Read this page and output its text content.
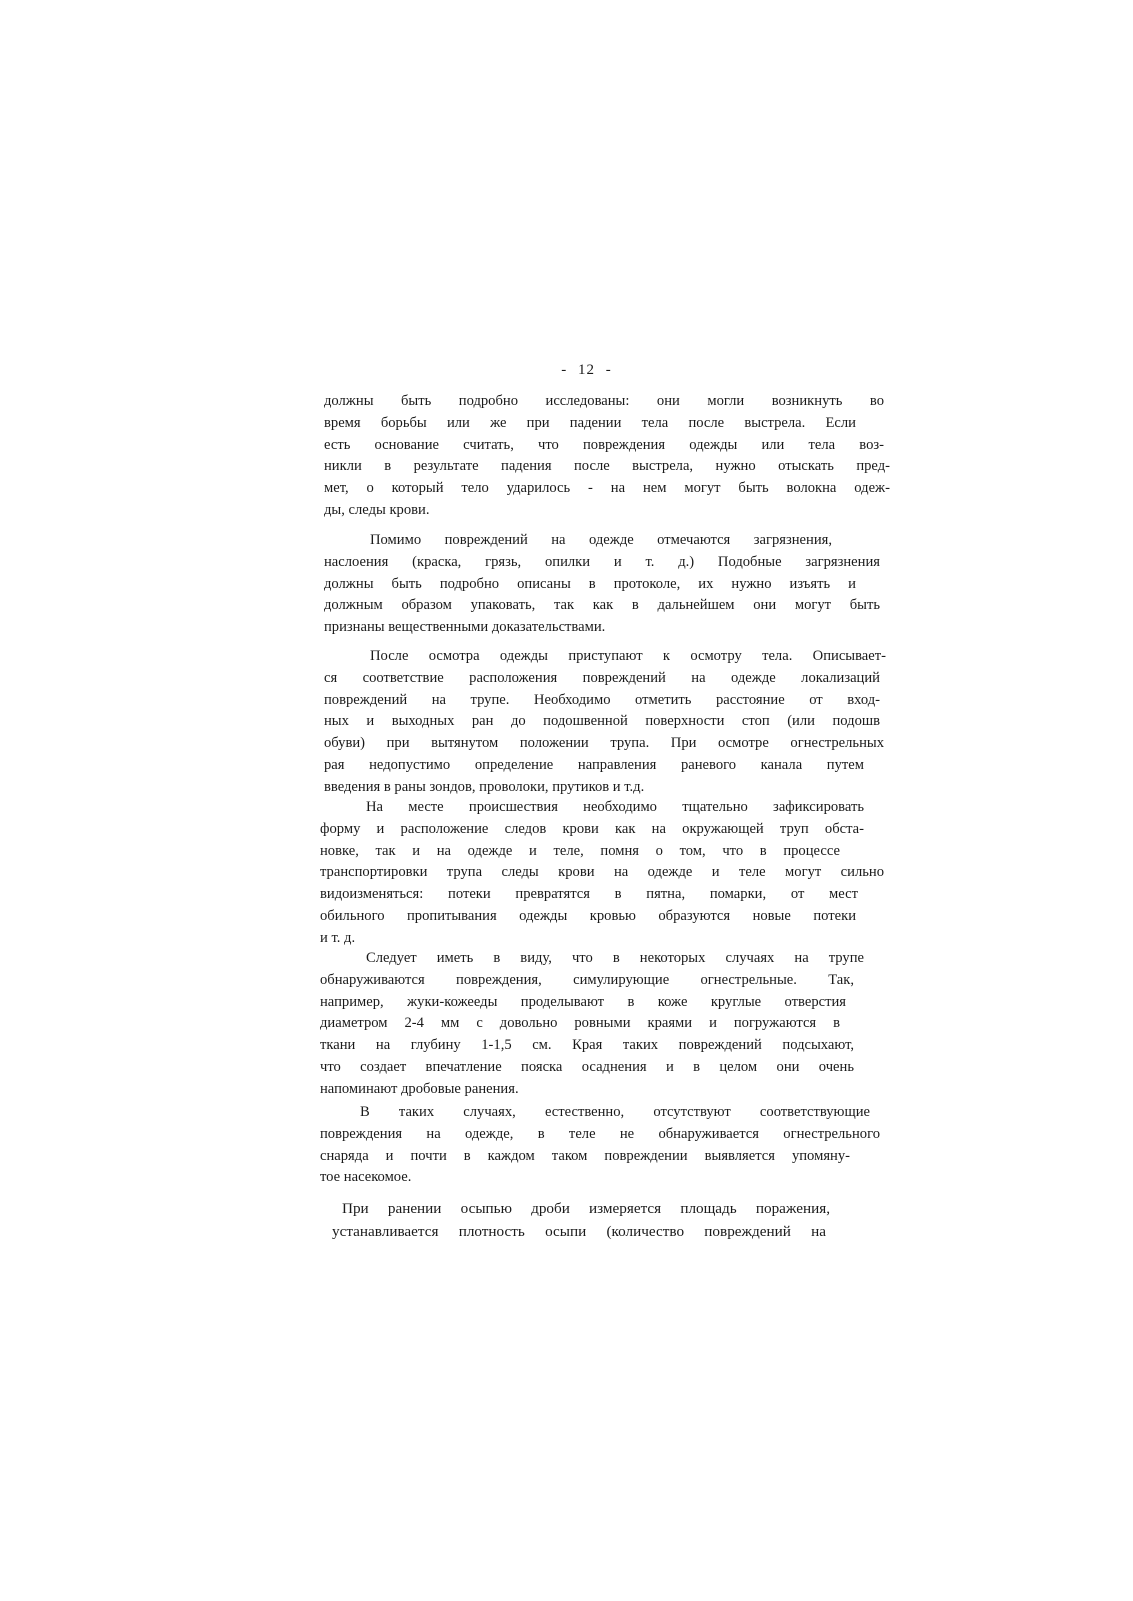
- 12 -
должны быть подробно исследованы: они могли возникнуть во
время борьбы или же при падении тела после выстрела. Если
есть основание считать, что повреждения одежды или тела воз-
никли в результате падения после выстрела, нужно отыскать пред-
мет, о который тело ударилось - на нем могут быть волокна одеж-
ды, следы крови.
Помимо повреждений на одежде отмечаются загрязнения,
наслоения (краска, грязь, опилки и т. д.) Подобные загрязнения
должны быть подробно описаны в протоколе, их нужно изъять и
должным образом упаковать, так как в дальнейшем они могут быть
признаны вещественными доказательствами.
После осмотра одежды приступают к осмотру тела. Описывает-
ся соответствие расположения повреждений на одежде локализаций
повреждений на трупе. Необходимо отметить расстояние от вход-
ных и выходных ран до подошвенной поверхности стоп (или подошв
обуви) при вытянутом положении трупа. При осмотре огнестрельных
рая недопустимо определение направления раневого канала путем
введения в раны зондов, проволоки, прутиков и т.д.
На месте происшествия необходимо тщательно зафиксировать
форму и расположение следов крови как на окружающей труп обста-
новке, так и на одежде и теле, помня о том, что в процессе
транспортировки трупа следы крови на одежде и теле могут сильно
видоизменяться: потеки превратятся в пятна, помарки, от мест
обильного пропитывания одежды кровью образуются новые потеки
и т. д.
Следует иметь в виду, что в некоторых случаях на трупе
обнаруживаются повреждения, симулирующие огнестрельные. Так,
например, жуки-кожееды проделывают в коже круглые отверстия
диаметром 2-4 мм с довольно ровными краями и погружаются в
ткани на глубину 1-1,5 см. Края таких повреждений подсыхают,
что создает впечатление пояска осаднения и в целом они очень
напоминают дробовые ранения.
В таких случаях, естественно, отсутствуют соответствующие
повреждения на одежде, в теле не обнаруживается огнестрельного
снаряда и почти в каждом таком повреждении выявляется упомяну-
тое насекомое.
При ранении осыпью дроби измеряется площадь поражения,
устанавливается плотность осыпи (количество повреждений на
